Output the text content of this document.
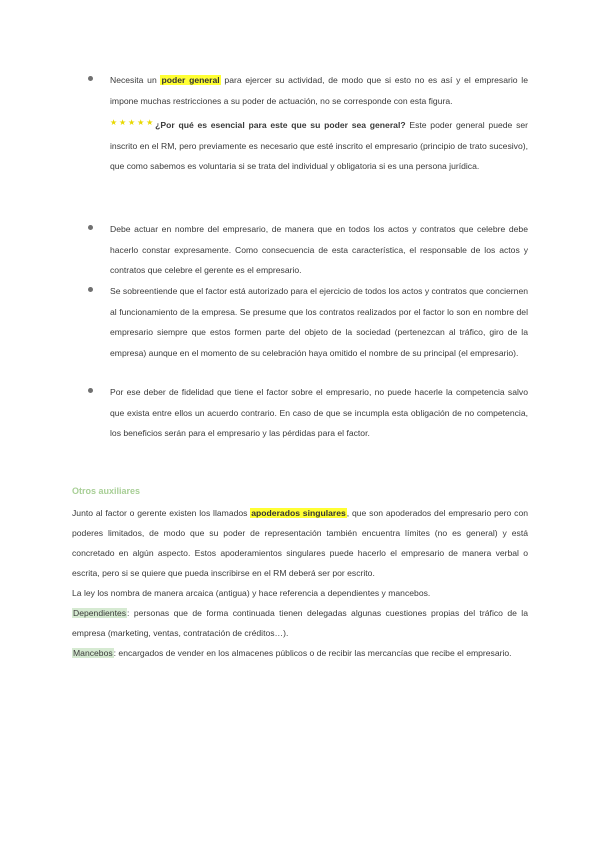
Necesita un poder general para ejercer su actividad, de modo que si esto no es así y el empresario le impone muchas restricciones a su poder de actuación, no se corresponde con esta figura.
★★★★★¿Por qué es esencial para este que su poder sea general? Este poder general puede ser inscrito en el RM, pero previamente es necesario que esté inscrito el empresario (principio de trato sucesivo), que como sabemos es voluntaria si se trata del individual y obligatoria si es una persona jurídica.
Debe actuar en nombre del empresario, de manera que en todos los actos y contratos que celebre debe hacerlo constar expresamente. Como consecuencia de esta característica, el responsable de los actos y contratos que celebre el gerente es el empresario.
Se sobreentiende que el factor está autorizado para el ejercicio de todos los actos y contratos que conciernen al funcionamiento de la empresa. Se presume que los contratos realizados por el factor lo son en nombre del empresario siempre que estos formen parte del objeto de la sociedad (pertenezcan al tráfico, giro de la empresa) aunque en el momento de su celebración haya omitido el nombre de su principal (el empresario).
Por ese deber de fidelidad que tiene el factor sobre el empresario, no puede hacerle la competencia salvo que exista entre ellos un acuerdo contrario. En caso de que se incumpla esta obligación de no competencia, los beneficios serán para el empresario y las pérdidas para el factor.
Otros auxiliares

Junto al factor o gerente existen los llamados apoderados singulares, que son apoderados del empresario pero con poderes limitados, de modo que su poder de representación también encuentra límites (no es general) y está concretado en algún aspecto. Estos apoderamientos singulares puede hacerlo el empresario de manera verbal o escrita, pero si se quiere que pueda inscribirse en el RM deberá ser por escrito.

La ley los nombra de manera arcaica (antigua) y hace referencia a dependientes y mancebos.

Dependientes: personas que de forma continuada tienen delegadas algunas cuestiones propias del tráfico de la empresa (marketing, ventas, contratación de créditos…).

Mancebos: encargados de vender en los almacenes públicos o de recibir las mercancías que recibe el empresario.
